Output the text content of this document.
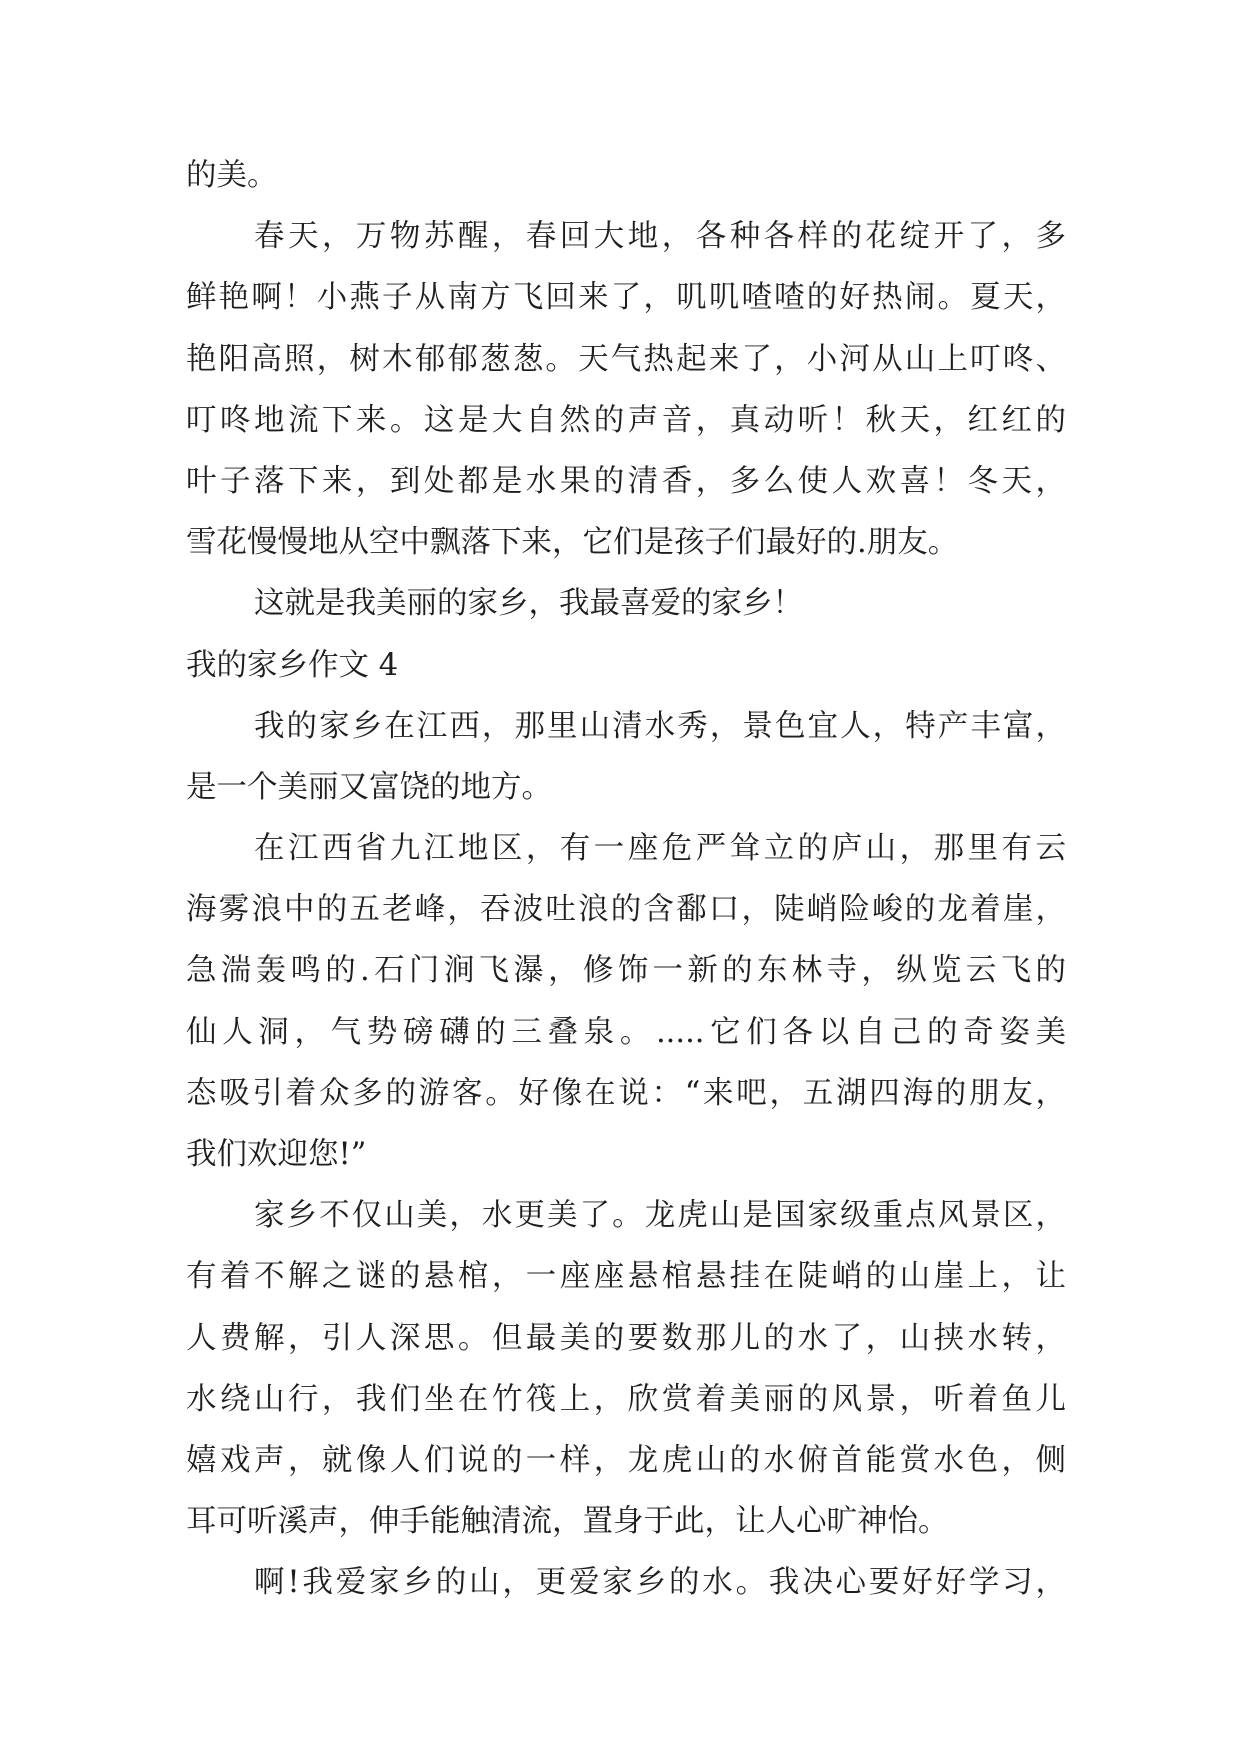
的美。
春天，万物苏醒，春回大地，各种各样的花绽开了，多
鲜艳啊！小燕子从南方飞回来了，叽叽喳喳的好热闹。夏天，
艳阳高照，树木郁郁葱葱。天气热起来了，小河从山上叮咚、
叮咚地流下来。这是大自然的声音，真动听！秋天，红红的
叶子落下来，到处都是水果的清香，多么使人欢喜！冬天，
雪花慢慢地从空中飘落下来，它们是孩子们最好的.朋友。
这就是我美丽的家乡，我最喜爱的家乡！
我的家乡作文 4
我的家乡在江西，那里山清水秀，景色宜人，特产丰富，
是一个美丽又富饶的地方。
在江西省九江地区，有一座危严耸立的庐山，那里有云
海雾浪中的五老峰，吞波吐浪的含鄱口，陡峭险峻的龙着崖，
急湍轰鸣的.石门涧飞瀑，修饰一新的东林寺，纵览云飞的
仙人洞，气势磅礴的三叠泉。.....它们各以自己的奇姿美
态吸引着众多的游客。好像在说：“来吧，五湖四海的朋友，
我们欢迎您!”
家乡不仅山美，水更美了。龙虎山是国家级重点风景区，
有着不解之谜的悬棺，一座座悬棺悬挂在陡峭的山崖上，让
人费解，引人深思。但最美的要数那儿的水了，山挟水转，
水绕山行，我们坐在竹筏上，欣赏着美丽的风景，听着鱼儿
嬉戏声，就像人们说的一样，龙虎山的水俯首能赏水色，侧
耳可听溪声，伸手能触清流，置身于此，让人心旷神怡。
啊!我爱家乡的山，更爱家乡的水。我决心要好好学习，
